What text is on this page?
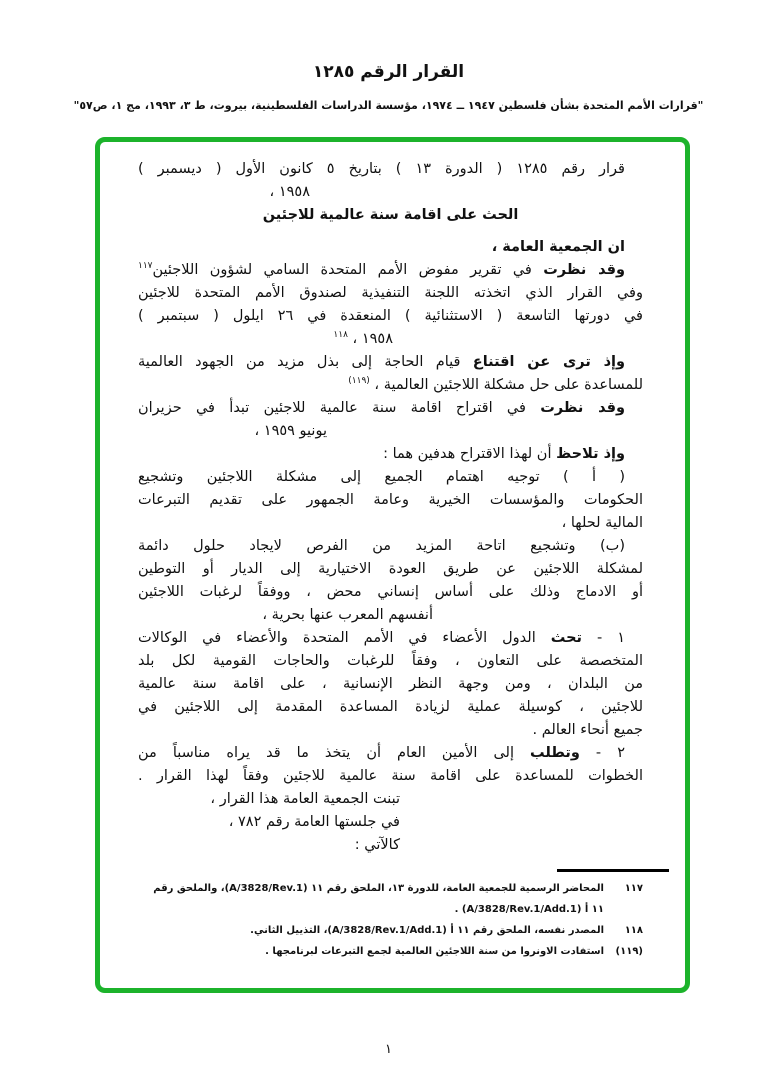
القرار الرقم ١٢٨٥
"قرارات الأمم المتحدة بشأن فلسطين ١٩٤٧ ــ ١٩٧٤، مؤسسة الدراسات الفلسطينية، بيروت، ط ٣، ١٩٩٣، مج ١، ص٥٧"
قرار رقم ١٢٨٥ ( الدورة ١٣ ) بتاريخ ٥ كانون الأول ( ديسمبر )
١٩٥٨ ،
الحث على اقامة سنة عالمية للاجئين
ان الجمعية العامة ،
وقد نظرت في تقرير مفوض الأمم المتحدة السامي لشؤون اللاجئين$^{١١٧}$
وفي القرار الذي اتخذته اللجنة التنفيذية لصندوق الأمم المتحدة للاجئين
في دورتها التاسعة ( الاستثنائية ) المنعقدة في ٢٦ ايلول ( سبتمبر )
١٩٥٨ ، $^{١١٨}$
وإذ ترى عن اقتناع قيام الحاجة إلى بذل مزيد من الجهود العالمية
للمساعدة على حل مشكلة اللاجئين العالمية ، $^{(١١٩)}$
وقد نظرت في اقتراح اقامة سنة عالمية للاجئين تبدأ في حزيران
يونيو ١٩٥٩ ،
وإذ تلاحظ أن لهذا الاقتراح هدفين هما :
( أ ) توجيه اهتمام الجميع إلى مشكلة اللاجئين وتشجيع
الحكومات والمؤسسات الخيرية وعامة الجمهور على تقديم التبرعات
المالية لحلها ،
(ب) وتشجيع اتاحة المزيد من الفرص لايجاد حلول دائمة
لمشكلة اللاجئين عن طريق العودة الاختيارية إلى الديار أو التوطين
أو الادماج وذلك على أساس إنساني محض ، ووفقاً لرغبات اللاجئين
أنفسهم المعرب عنها بحرية ،
١ - تحث الدول الأعضاء في الأمم المتحدة والأعضاء في الوكالات
المتخصصة على التعاون ، وفقاً للرغبات والحاجات القومية لكل بلد
من البلدان ، ومن وجهة النظر الإنسانية ، على اقامة سنة عالمية
للاجئين ، كوسيلة عملية لزيادة المساعدة المقدمة إلى اللاجئين في
جميع أنحاء العالم .
٢ - وتطلب إلى الأمين العام أن يتخذ ما قد يراه مناسباً من
الخطوات للمساعدة على اقامة سنة عالمية للاجئين وفقاً لهذا القرار .
تبنت الجمعية العامة هذا القرار ،
في جلستها العامة رقم ٧٨٢ ،
كالآتي :
١١٧
المحاضر الرسمية للجمعية العامة، للدورة ١٣، الملحق رقم ١١ (A/3828/Rev.1)، والملحق رقم ١١ أ (A/3828/Rev.1/Add.1) .
١١٨
المصدر نفسه، الملحق رقم ١١ أ (A/3828/Rev.1/Add.1)، التذييل الثاني.
(١١٩)
استفادت الاونروا من سنة اللاجئين العالمية لجمع التبرعات لبرنامجها .
١
